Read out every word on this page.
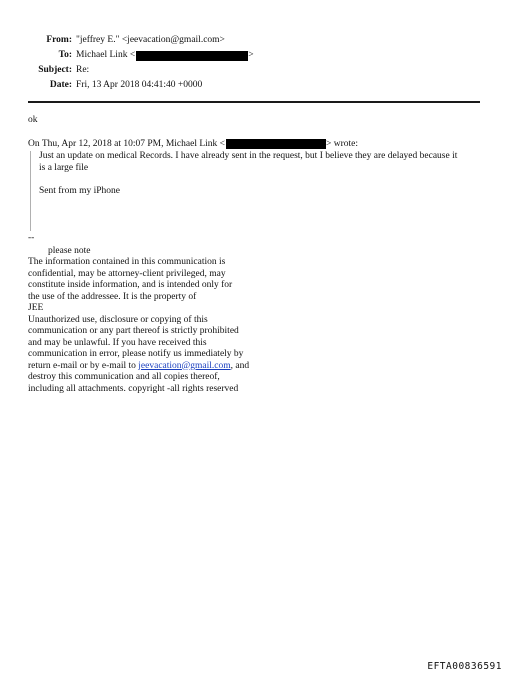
From: "jeffrey E." <jeevacation@gmail.com>
To: Michael Link <	>
Subject: Re:
Date: Fri, 13 Apr 2018 04:41:40 +0000

ok

On Thu, Apr 12, 2018 at 10:07 PM, Michael Link <	> wrote:

Just an update on medical Records. I have already sent in the request, but I believe they are delayed because it

is a large file

Sent from my iPhone

--
please note

The information contained in this communication is

confidential, may be attorney-client privileged, may

constitute inside information, and is intended only for

the use of the addressee. It is the property of

JEE

Unauthorized use, disclosure or copying of this

communication or any part thereof is strictly prohibited

and may be unlawful. If you have received this

communication in error, please notify us immediately by

return e-mail or by e-mail to jeevacation@gmail.com, and

destroy this communication and all copies thereof,

including all attachments. copyright -all rights reserved

EFTA00836591
